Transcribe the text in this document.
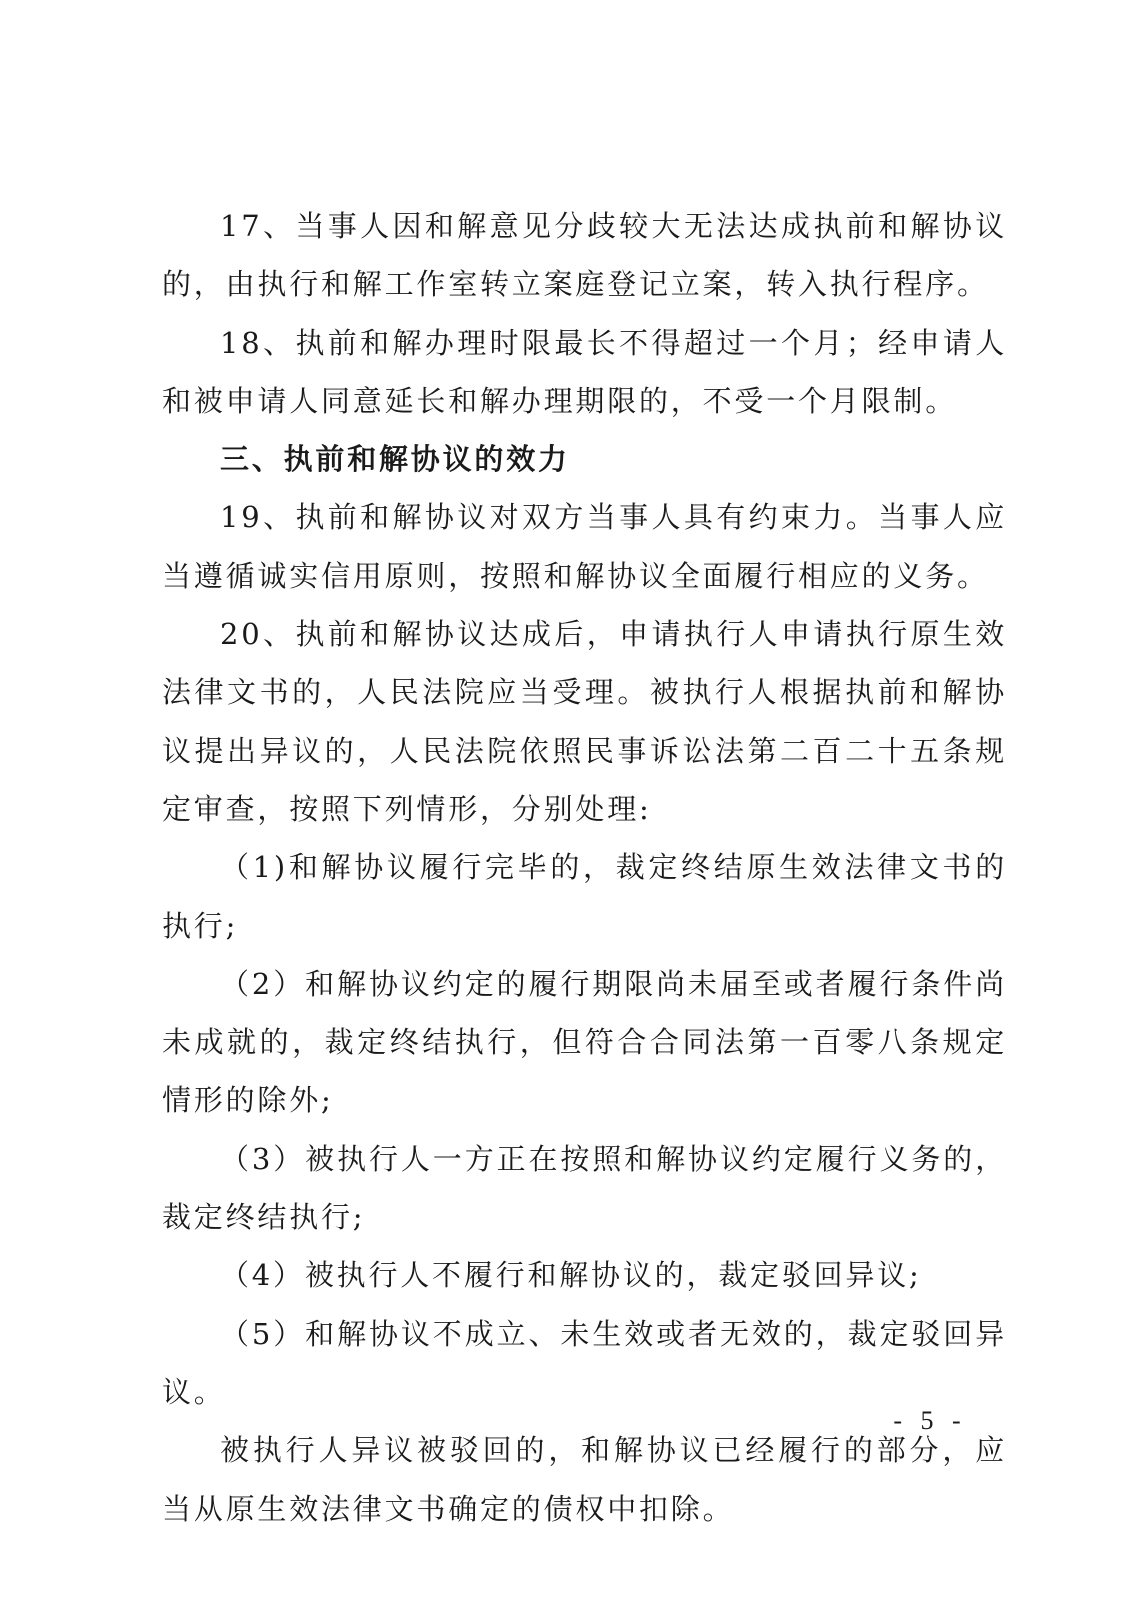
17、当事人因和解意见分歧较大无法达成执前和解协议的，由执行和解工作室转立案庭登记立案，转入执行程序。

18、执前和解办理时限最长不得超过一个月；经申请人和被申请人同意延长和解办理期限的，不受一个月限制。

三、执前和解协议的效力

19、执前和解协议对双方当事人具有约束力。当事人应当遵循诚实信用原则，按照和解协议全面履行相应的义务。

20、执前和解协议达成后，申请执行人申请执行原生效法律文书的，人民法院应当受理。被执行人根据执前和解协议提出异议的，人民法院依照民事诉讼法第二百二十五条规定审查，按照下列情形，分别处理:

（1)和解协议履行完毕的，裁定终结原生效法律文书的执行;

（2）和解协议约定的履行期限尚未届至或者履行条件尚未成就的，裁定终结执行，但符合合同法第一百零八条规定情形的除外;

（3）被执行人一方正在按照和解协议约定履行义务的，裁定终结执行;

（4）被执行人不履行和解协议的，裁定驳回异议;

（5）和解协议不成立、未生效或者无效的，裁定驳回异议。

被执行人异议被驳回的，和解协议已经履行的部分，应当从原生效法律文书确定的债权中扣除。

- 5 -
